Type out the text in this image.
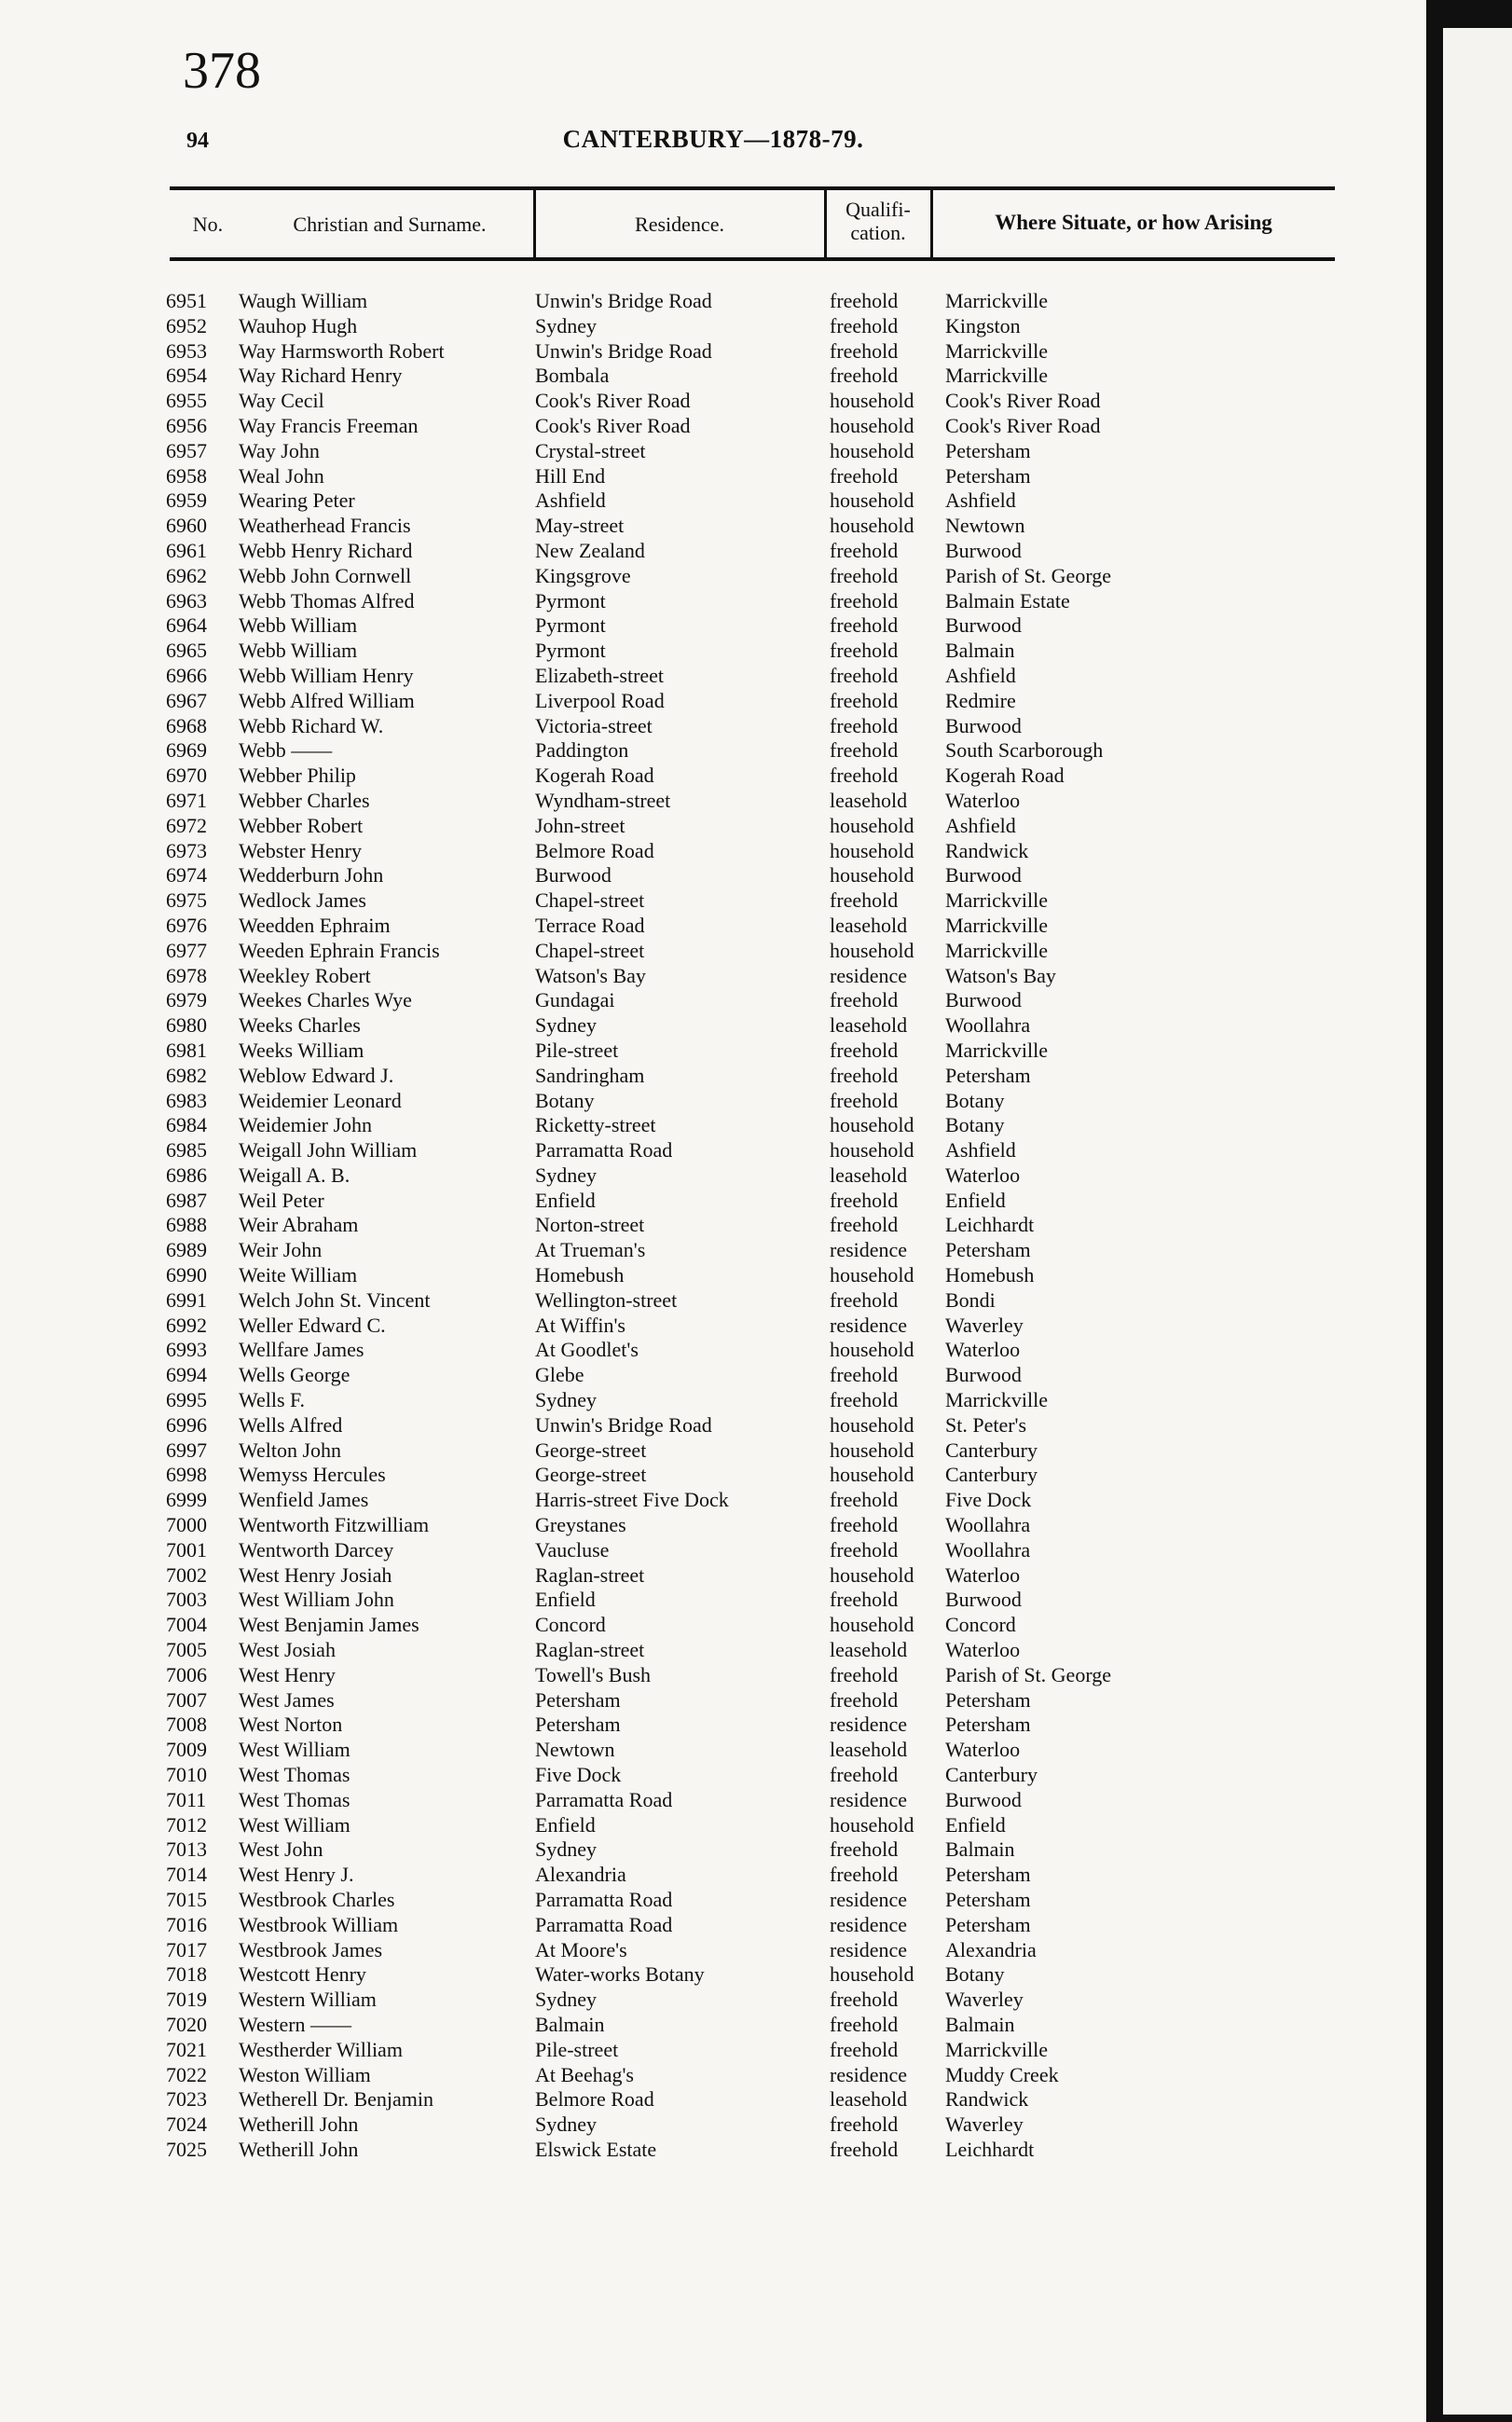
378
94	CANTERBURY—1878-79.
No.	Christian and Surname.	Residence.
Qualifi-
cation.	Where Situate, or how Arising
6951 Waugh William	Unwin's Bridge Road	freehold Marrickville
6952 Wauhop Hugh	Sydney	freehold Kingston
6953 Way Harmsworth Robert	Unwin's Bridge Road	freehold Marrickville
6954 Way Richard Henry	Bombala	freehold Marrickville
6955 Way Cecil	Cook's River Road	household Cook's River Road
6956 Way Francis Freeman	Cook's River Road	household Cook's River Road
6957 Way John	Crystal-street	household Petersham
6958 Weal John	Hill End	freehold Petersham
6959 Wearing Peter	Ashfield	household Ashfield
6960 Weatherhead Francis	May-street	household Newtown
6961 Webb Henry Richard	New Zealand	freehold Burwood
6962 Webb John Cornwell	Kingsgrove	freehold Parish of St. George
6963 Webb Thomas Alfred	Pyrmont	freehold Balmain Estate
6964 Webb William	Pyrmont	freehold Burwood
6965 Webb William	Pyrmont	freehold Balmain
6966 Webb William Henry	Elizabeth-street	freehold Ashfield
6967 Webb Alfred William	Liverpool Road	freehold Redmire
6968 Webb Richard W.	Victoria-street	freehold Burwood
6969 Webb ——	Paddington	freehold South Scarborough
6970 Webber Philip	Kogerah Road	freehold Kogerah Road
6971 Webber Charles	Wyndham-street	leasehold Waterloo
6972 Webber Robert	John-street	household Ashfield
6973 Webster Henry	Belmore Road	household Randwick
6974 Wedderburn John	Burwood	household Burwood
6975 Wedlock James	Chapel-street	freehold Marrickville
6976 Weedden Ephraim	Terrace Road	leasehold Marrickville
6977 Weeden Ephrain Francis	Chapel-street	household Marrickville
6978 Weekley Robert	Watson's Bay	residence Watson's Bay
6979 Weekes Charles Wye	Gundagai	freehold Burwood
6980 Weeks Charles	Sydney	leasehold Woollahra
6981 Weeks William	Pile-street	freehold Marrickville
6982 Weblow Edward J.	Sandringham	freehold Petersham
6983 Weidemier Leonard	Botany	freehold Botany
6984 Weidemier John	Ricketty-street	household Botany
6985 Weigall John William	Parramatta Road	household Ashfield
6986 Weigall A. B.	Sydney	leasehold Waterloo
6987 Weil Peter	Enfield	freehold Enfield
6988 Weir Abraham	Norton-street	freehold Leichhardt
6989 Weir John	At Trueman's	residence Petersham
6990 Weite William	Homebush	household Homebush
6991 Welch John St. Vincent	Wellington-street	freehold Bondi
6992 Weller Edward C.	At Wiffin's	residence Waverley
6993 Wellfare James	At Goodlet's	household Waterloo
6994 Wells George	Glebe	freehold Burwood
6995 Wells F.	Sydney	freehold Marrickville
6996 Wells Alfred	Unwin's Bridge Road	household St. Peter's
6997 Welton John	George-street	household Canterbury
6998 Wemyss Hercules	George-street	household Canterbury
6999 Wenfield James	Harris-street Five Dock	freehold Five Dock
7000 Wentworth Fitzwilliam	Greystanes	freehold Woollahra
7001 Wentworth Darcey	Vaucluse	freehold Woollahra
7002 West Henry Josiah	Raglan-street	household Waterloo
7003 West William John	Enfield	freehold Burwood
7004 West Benjamin James	Concord	household Concord
7005 West Josiah	Raglan-street	leasehold Waterloo
7006 West Henry	Towell's Bush	freehold Parish of St. George
7007 West James	Petersham	freehold Petersham
7008 West Norton	Petersham	residence Petersham
7009 West William	Newtown	leasehold Waterloo
7010 West Thomas	Five Dock	freehold Canterbury
7011 West Thomas	Parramatta Road	residence Burwood
7012 West William	Enfield	household Enfield
7013 West John	Sydney	freehold Balmain
7014 West Henry J.	Alexandria	freehold Petersham
7015 Westbrook Charles	Parramatta Road	residence Petersham
7016 Westbrook William	Parramatta Road	residence Petersham
7017 Westbrook James	At Moore's	residence Alexandria
7018 Westcott Henry	Water-works Botany	household Botany
7019 Western William	Sydney	freehold Waverley
7020 Western ——	Balmain	freehold Balmain
7021 Westherder William	Pile-street	freehold Marrickville
7022 Weston William	At Beehag's	residence Muddy Creek
7023 Wetherell Dr. Benjamin	Belmore Road	leasehold Randwick
7024 Wetherill John	Sydney	freehold Waverley
7025 Wetherill John	Elswick Estate	freehold Leichhardt
